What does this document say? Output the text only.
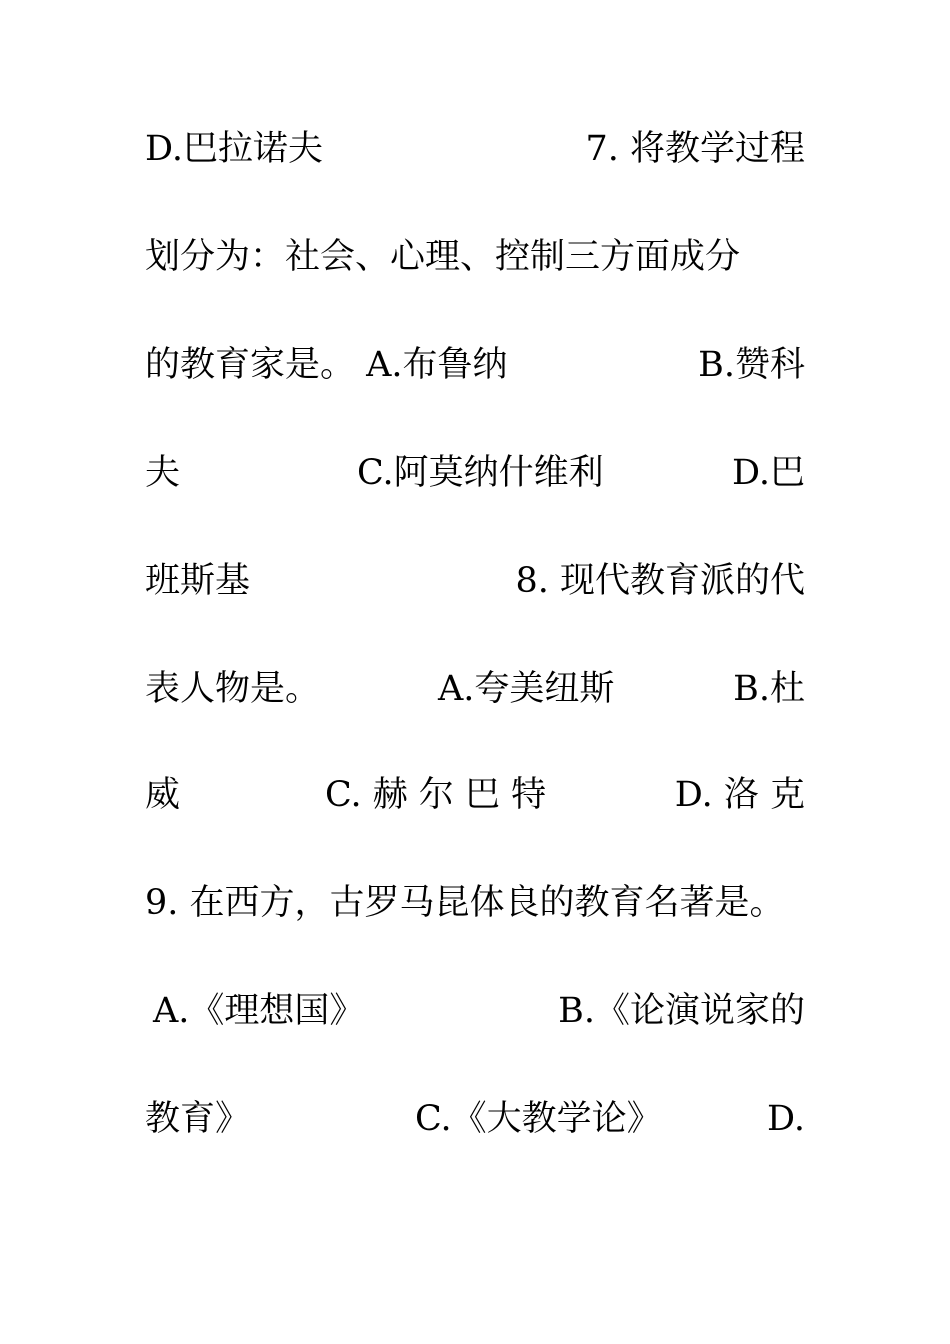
D.巴拉诺夫	7. 将教学过程
划分为：社会、心理、控制三方面成分
的教育家是。 A.布鲁纳	B.赞科
夫	C.阿莫纳什维利	D.巴
班斯基	8. 现代教育派的代
表人物是。	A.夸美纽斯	B.杜
威	C. 赫 尔 巴 特	D. 洛 克
9. 在西方，古罗马昆体良的教育名著是。
A.《理想国》	B.《论演说家的
教育》	C.《大教学论》	D.
